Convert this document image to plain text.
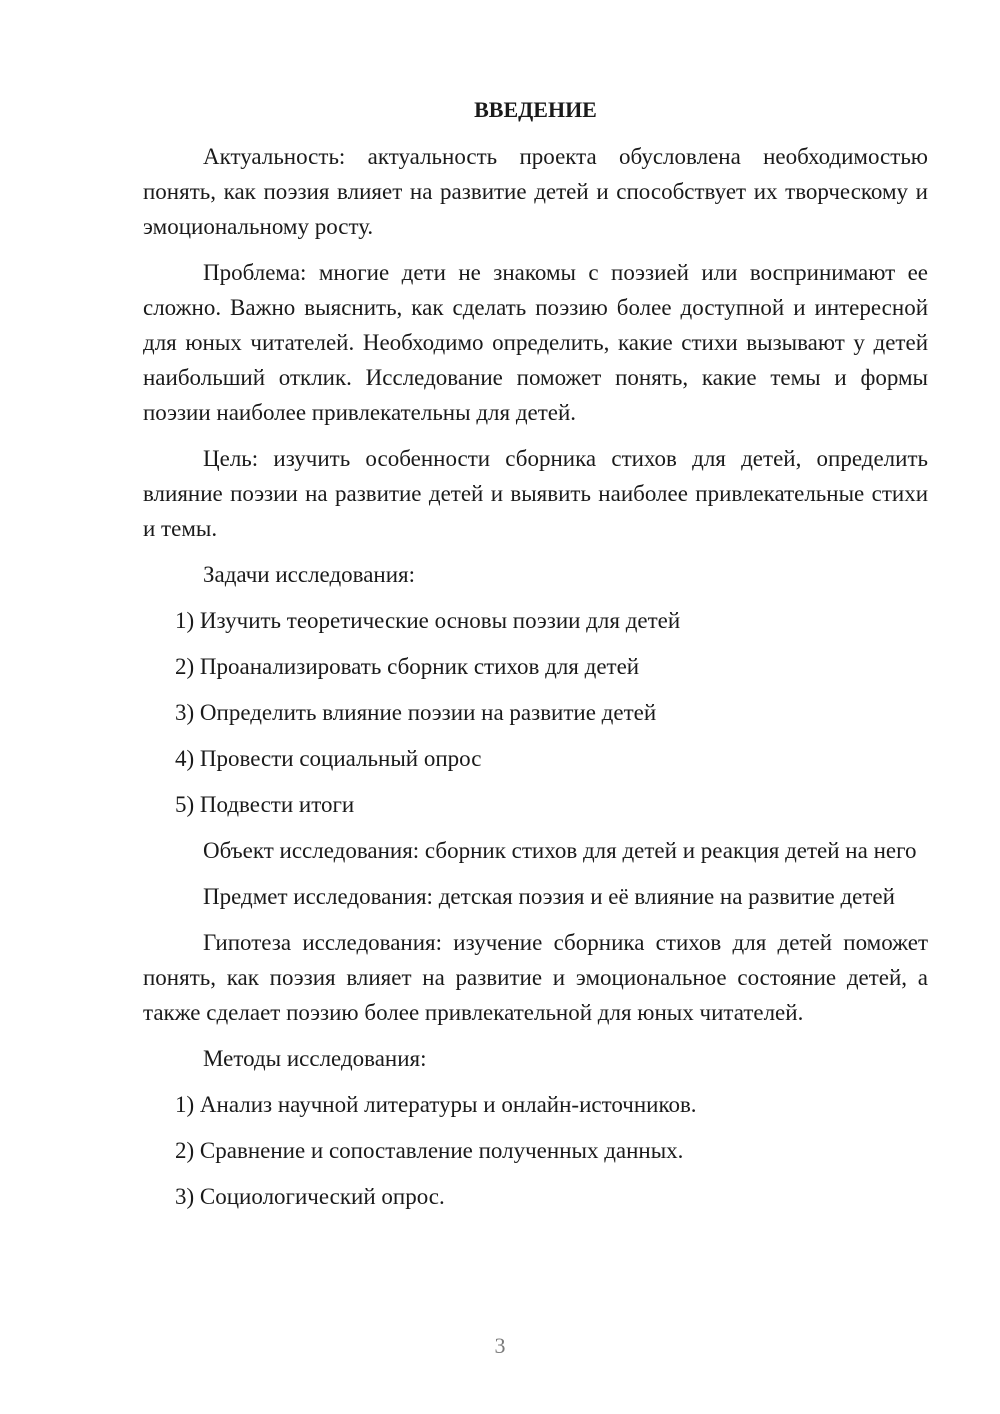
ВВЕДЕНИЕ

Актуальность: актуальность проекта обусловлена необходимостью понять, как поэзия влияет на развитие детей и способствует их творческому и эмоциональному росту.

Проблема: многие дети не знакомы с поэзией или воспринимают ее сложно. Важно выяснить, как сделать поэзию более доступной и интересной для юных читателей. Необходимо определить, какие стихи вызывают у детей наибольший отклик. Исследование поможет понять, какие темы и формы поэзии наиболее привлекательны для детей.

Цель: изучить особенности сборника стихов для детей, определить влияние поэзии на развитие детей и выявить наиболее привлекательные стихи и темы.

Задачи исследования:
1) Изучить теоретические основы поэзии для детей
2) Проанализировать сборник стихов для детей
3) Определить влияние поэзии на развитие детей
4) Провести социальный опрос
5) Подвести итоги

Объект исследования: сборник стихов для детей и реакция детей на него

Предмет исследования: детская поэзия и её влияние на развитие детей

Гипотеза исследования: изучение сборника стихов для детей поможет понять, как поэзия влияет на развитие и эмоциональное состояние детей, а также сделает поэзию более привлекательной для юных читателей.

Методы исследования:
1) Анализ научной литературы и онлайн-источников.
2) Сравнение и сопоставление полученных данных.
3) Социологический опрос.
3
